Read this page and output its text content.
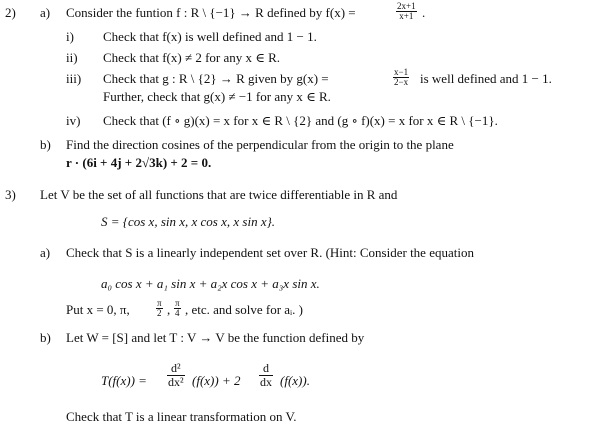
2) a) Consider the funtion f : R \ {−1} → R defined by f(x) =	$\frac{2x+1}{x+1}$ .
i) Check that f(x) is well defined and 1 − 1.
ii) Check that f(x) ≠ 2 for any x ∈ R.
iii) Check that g : R \ {2} → R given by g(x) =	$\frac{x-1}{2-x}$ is well defined and 1 − 1.
Further, check that g(x) ≠ −1 for any x ∈ R.
iv) Check that (f ∘ g)(x) = x for x ∈ R \ {2} and (g ∘ f)(x) = x for x ∈ R \ {−1}.
b) Find the direction cosines of the perpendicular from the origin to the plane
r · (6i + 4j + 2√3k) + 2 = 0.
3) Let V be the set of all functions that are twice differentiable in R and
S = {cos x, sin x, x cos x, x sin x}.
a) Check that S is a linearly independent set over R. (Hint: Consider the equation
a₀ cos x + a₁ sin x + a₂x cos x + a₃x sin x.
Put x = 0, π,	$\frac{\pi}{2}$ , $\frac{\pi}{4}$ , etc. and solve for aᵢ. )
b) Let W = [S] and let T : V → V be the function defined by
$T(f(x)) = \frac{\text{d²}}{\text{dx²}} (f(x)) + 2 \frac{d}{dx} (f(x))$.
Check that T is a linear transformation on V.
